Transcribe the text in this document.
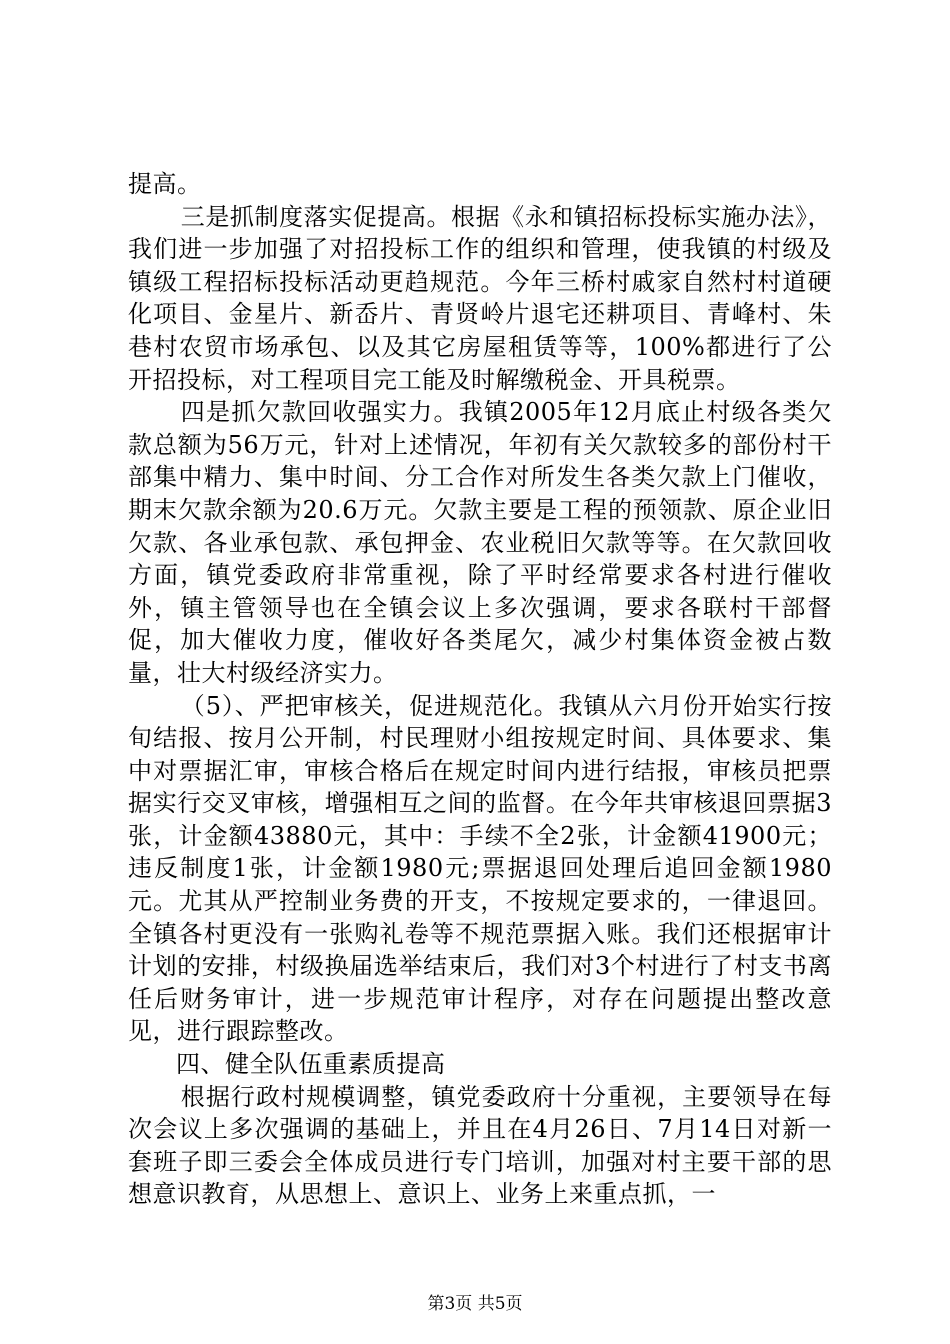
提高。

三是抓制度落实促提高。根据《永和镇招标投标实施办法》，我们进一步加强了对招投标工作的组织和管理，使我镇的村级及镇级工程招标投标活动更趋规范。今年三桥村戚家自然村村道硬化项目、金星片、新岙片、青贤岭片退宅还耕项目、青峰村、朱巷村农贸市场承包、以及其它房屋租赁等等，100%都进行了公开招投标，对工程项目完工能及时解缴税金、开具税票。

四是抓欠款回收强实力。我镇2005年12月底止村级各类欠款总额为56万元，针对上述情况，年初有关欠款较多的部份村干部集中精力、集中时间、分工合作对所发生各类欠款上门催收，期末欠款余额为20.6万元。欠款主要是工程的预领款、原企业旧欠款、各业承包款、承包押金、农业税旧欠款等等。在欠款回收方面，镇党委政府非常重视，除了平时经常要求各村进行催收外，镇主管领导也在全镇会议上多次强调，要求各联村干部督促，加大催收力度，催收好各类尾欠，减少村集体资金被占数量，壮大村级经济实力。

（5）、严把审核关，促进规范化。我镇从六月份开始实行按旬结报、按月公开制，村民理财小组按规定时间、具体要求、集中对票据汇审，审核合格后在规定时间内进行结报，审核员把票据实行交叉审核，增强相互之间的监督。在今年共审核退回票据3张，计金额43880元，其中：手续不全2张，计金额41900元；违反制度1张，计金额1980元;票据退回处理后追回金额1980元。尤其从严控制业务费的开支，不按规定要求的，一律退回。全镇各村更没有一张购礼卷等不规范票据入账。我们还根据审计计划的安排，村级换届选举结束后，我们对3个村进行了村支书离任后财务审计，进一步规范审计程序，对存在问题提出整改意见，进行跟踪整改。

四、健全队伍重素质提高

根据行政村规模调整，镇党委政府十分重视，主要领导在每次会议上多次强调的基础上，并且在4月26日、7月14日对新一套班子即三委会全体成员进行专门培训，加强对村主要干部的思想意识教育，从思想上、意识上、业务上来重点抓，一

第3页 共5页
